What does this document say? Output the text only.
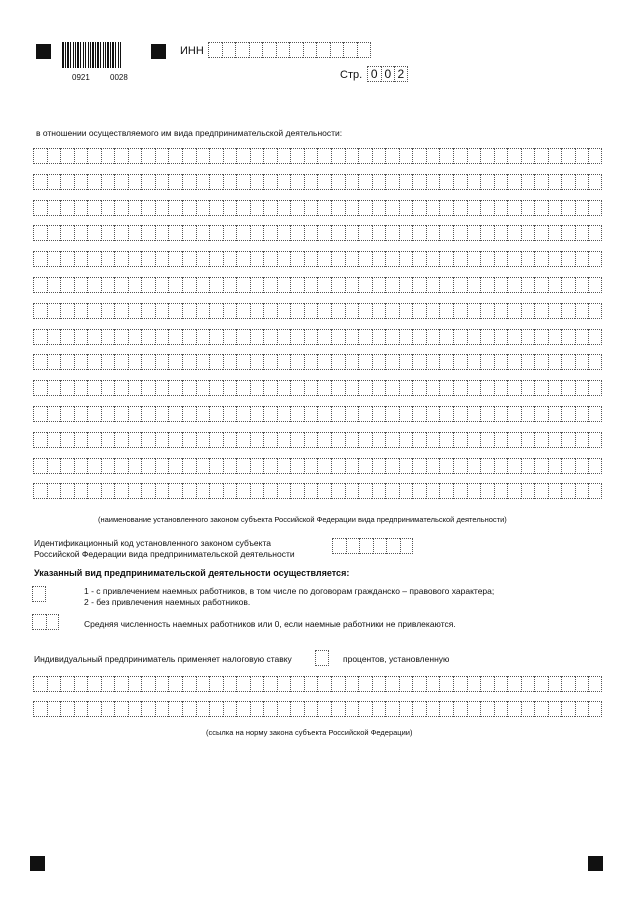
0921	0028
ИНН
Стр. 0 0 2
в отношении осуществляемого им вида предпринимательской деятельности:
(наименование установленного законом субъекта Российской Федерации вида предпринимательской деятельности)
Идентификационный код установленного законом субъекта
Российской Федерации вида предпринимательской деятельности
Указанный вид предпринимательской деятельности осуществляется:
1 - с привлечением наемных работников, в том числе по договорам гражданско – правового характера;
2 - без привлечения наемных работников.
Средняя численность наемных работников или 0, если наемные работники не привлекаются.
Индивидуальный предприниматель применяет налоговую ставку	процентов, установленную
(ссылка на норму закона субъекта Российской Федерации)
